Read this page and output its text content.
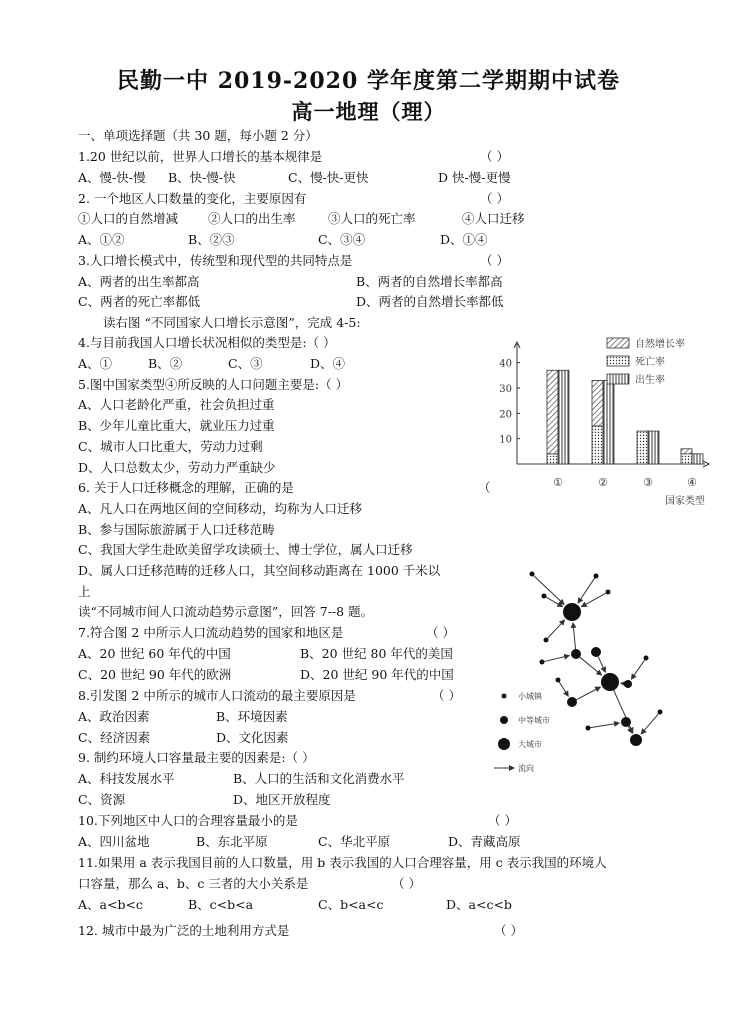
民勤一中 2019-2020 学年度第二学期期中试卷
高一地理（理）
一、单项选择题（共 30 题，每小题 2 分）
1.20 世纪以前，世界人口增长的基本规律是	（ ）
A、慢-快-慢 B、快-慢-快	C、慢-快-更快	D 快-慢-更慢
2. 一个地区人口数量的变化，主要原因有	（ ）
①人口的自然增减 ②人口的出生率	③人口的死亡率	④人口迁移
A、①②	B、②③	C、③④	D、①④
3.人口增长模式中，传统型和现代型的共同特点是	（ ）
A、两者的出生率都高	B、两者的自然增长率都高
C、两者的死亡率都低	D、两者的自然增长率都低
读右图 “不同国家人口增长示意图”，完成 4-5:
4.与目前我国人口增长状况相似的类型是:（ ）
A、①	B、②	C、③	D、④
5.图中国家类型④所反映的人口问题主要是:（ ）
A、人口老龄化严重，社会负担过重
B、少年儿童比重大，就业压力过重
C、城市人口比重大，劳动力过剩
D、人口总数太少，劳动力严重缺少
6. 关于人口迁移概念的理解，正确的是	（
A、凡人口在两地区间的空间移动，均称为人口迁移
B、参与国际旅游属于人口迁移范畴
C、我国大学生赴欧美留学攻读硕士、博士学位，属人口迁移
D、属人口迁移范畴的迁移人口，其空间移动距离在 1000 千米以
上
读“不同城市间人口流动趋势示意图”，回答 7--8 题。
7.符合图 2 中所示人口流动趋势的国家和地区是	（ ）
A、20 世纪 60 年代的中国	B、20 世纪 80 年代的美国
C、20 世纪 90 年代的欧洲	D、20 世纪 90 年代的中国
8.引发图 2 中所示的城市人口流动的最主要原因是	（ ）
A、政治因素	B、环境因素
C、经济因素	D、文化因素
9. 制约环境人口容量最主要的因素是:（ ）
A、科技发展水平	B、人口的生活和文化消费水平
C、资源	D、地区开放程度
10.下列地区中人口的合理容量最小的是	（ ）
A、四川盆地	B、东北平原	C、华北平原	D、青藏高原
11.如果用 a 表示我国目前的人口数量，用 b 表示我国的人口合理容量，用 c 表示我国的环境人
口容量，那么 a、b、c 三者的大小关系是	（ ）
A、a<b<c	B、c<b<a	C、b<a<c	D、a<c<b
12. 城市中最为广泛的土地利用方式是	（ ）
10
20
30
40
①	②	③	④
国家类型
自然增长率
死亡率
出生率
小城镇
中等城市
大城市
流向
